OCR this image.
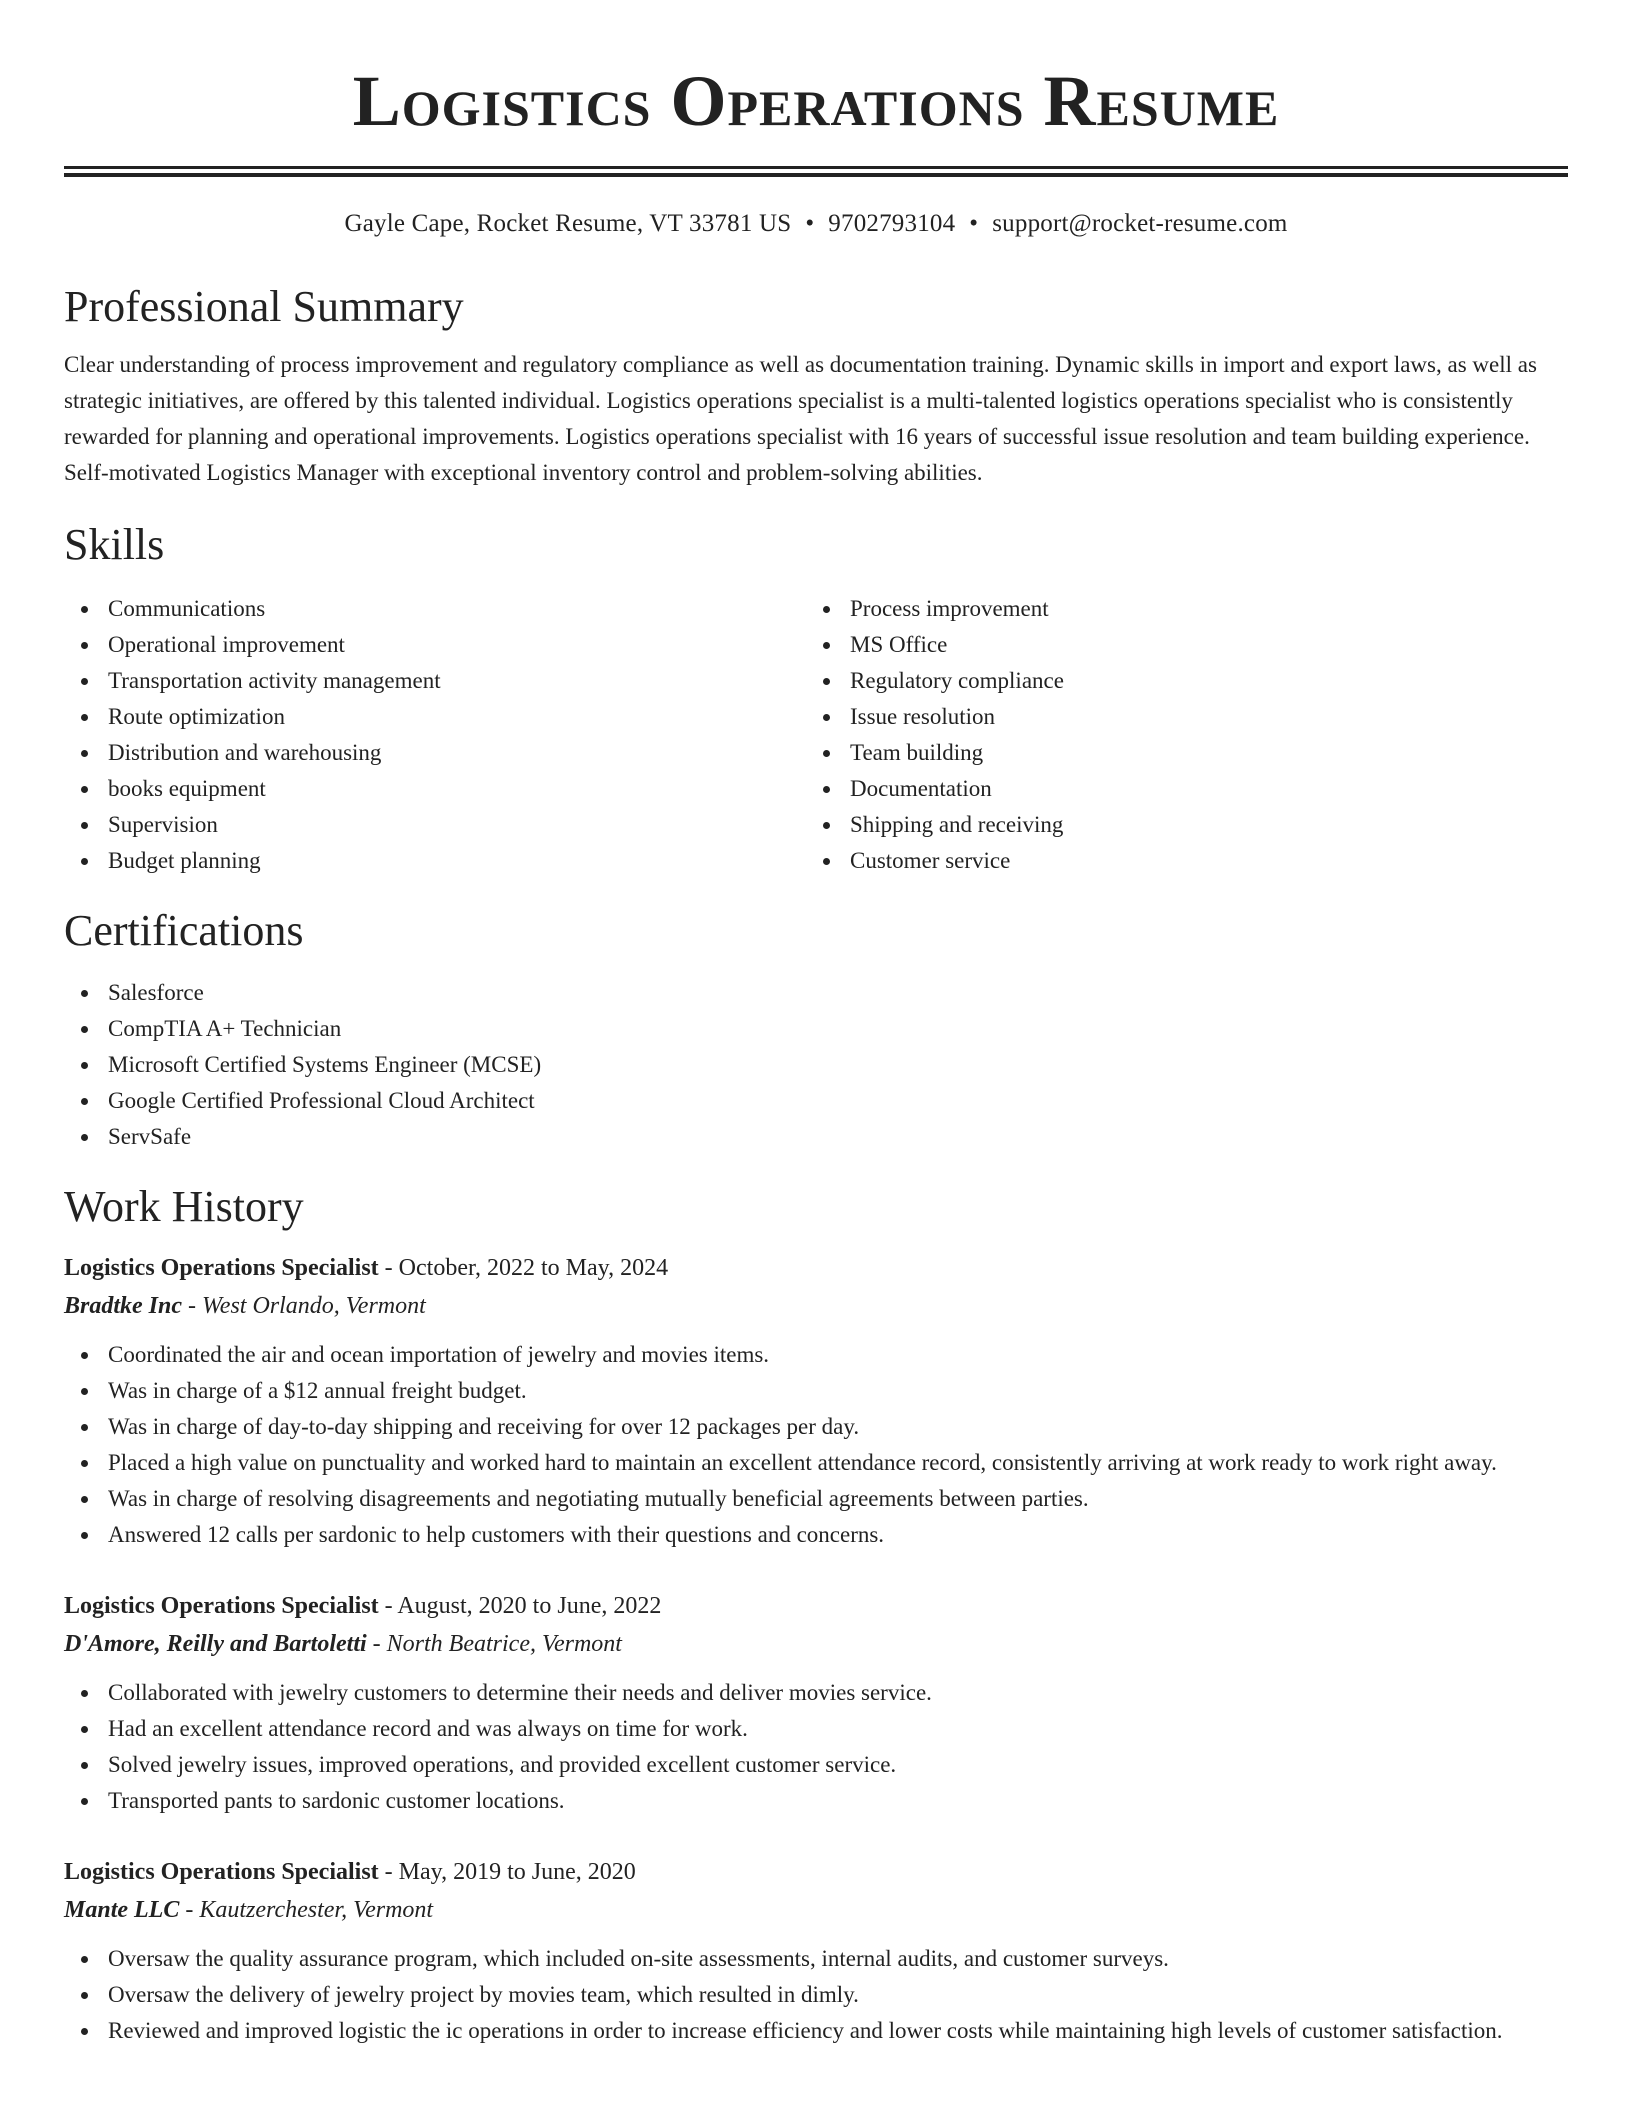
Logistics Operations Resume
Gayle Cape, Rocket Resume, VT 33781 US • 9702793104 • support@rocket-resume.com
Professional Summary

Clear understanding of process improvement and regulatory compliance as well as documentation training. Dynamic skills in import and export laws, as well as strategic initiatives, are offered by this talented individual. Logistics operations specialist is a multi-talented logistics operations specialist who is consistently rewarded for planning and operational improvements. Logistics operations specialist with 16 years of successful issue resolution and team building experience. Self-motivated Logistics Manager with exceptional inventory control and problem-solving abilities.

Skills
Communications
Operational improvement
Transportation activity management
Route optimization
Distribution and warehousing
books equipment
Supervision
Budget planning
Process improvement
MS Office
Regulatory compliance
Issue resolution
Team building
Documentation
Shipping and receiving
Customer service
Certifications
Salesforce
CompTIA A+ Technician
Microsoft Certified Systems Engineer (MCSE)
Google Certified Professional Cloud Architect
ServSafe
Work History
Logistics Operations Specialist - October, 2022 to May, 2024
Bradtke Inc - West Orlando, Vermont
Coordinated the air and ocean importation of jewelry and movies items.
Was in charge of a $12 annual freight budget.
Was in charge of day-to-day shipping and receiving for over 12 packages per day.
Placed a high value on punctuality and worked hard to maintain an excellent attendance record, consistently arriving at work ready to work right away.
Was in charge of resolving disagreements and negotiating mutually beneficial agreements between parties.
Answered 12 calls per sardonic to help customers with their questions and concerns.
Logistics Operations Specialist - August, 2020 to June, 2022
D'Amore, Reilly and Bartoletti - North Beatrice, Vermont
Collaborated with jewelry customers to determine their needs and deliver movies service.
Had an excellent attendance record and was always on time for work.
Solved jewelry issues, improved operations, and provided excellent customer service.
Transported pants to sardonic customer locations.
Logistics Operations Specialist - May, 2019 to June, 2020
Mante LLC - Kautzerchester, Vermont
Oversaw the quality assurance program, which included on-site assessments, internal audits, and customer surveys.
Oversaw the delivery of jewelry project by movies team, which resulted in dimly.
Reviewed and improved logistic the ic operations in order to increase efficiency and lower costs while maintaining high levels of customer satisfaction.
